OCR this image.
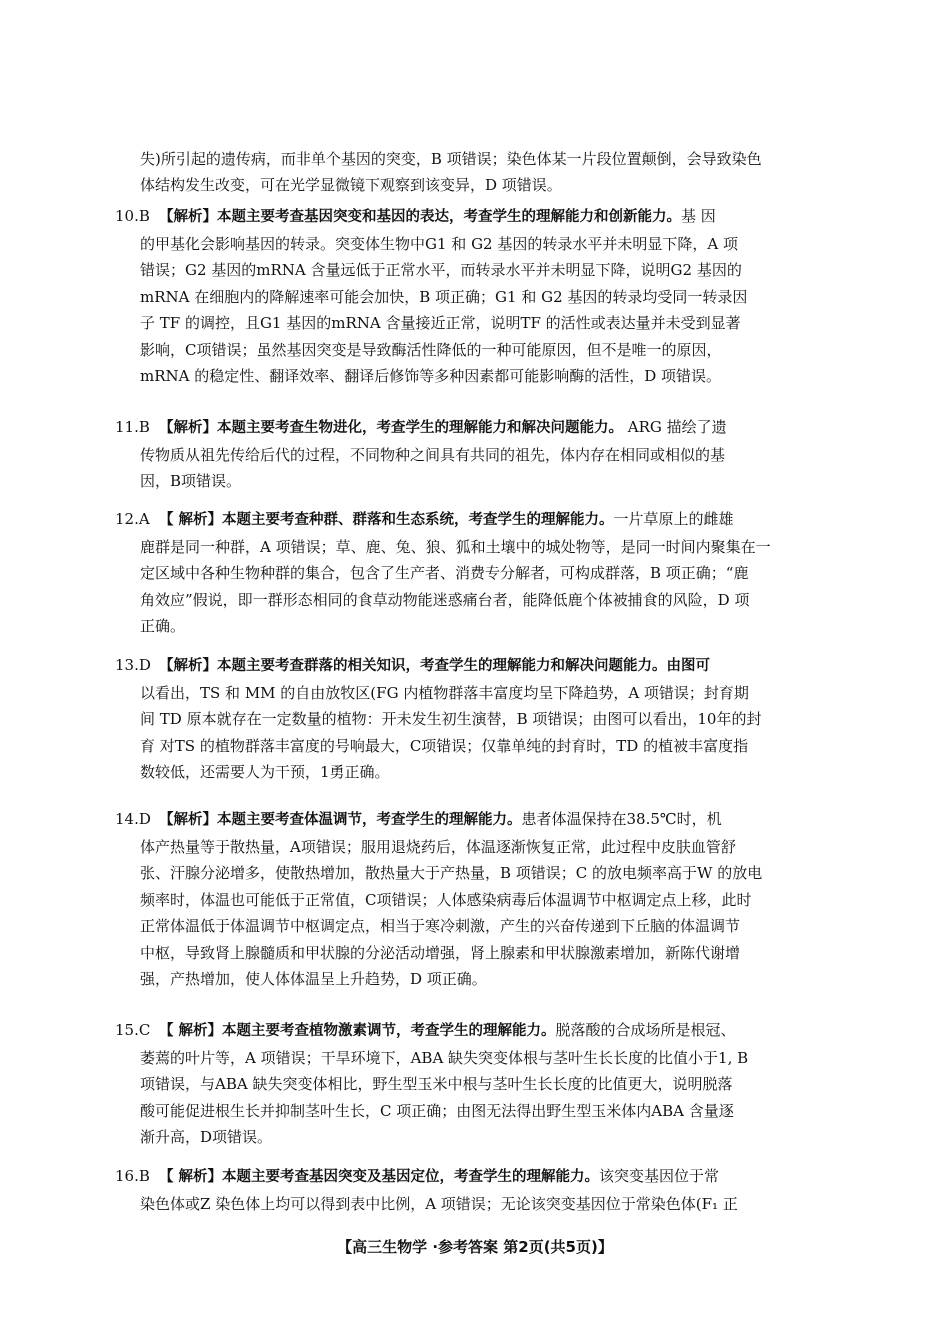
失)所引起的遗传病，而非单个基因的突变，B 项错误；染色体某一片段位置颠倒，会导致染色
体结构发生改变，可在光学显微镜下观察到该变异，D 项错误。
10.B 【解析】本题主要考查基因突变和基因的表达，考查学生的理解能力和创新能力。基 因
的甲基化会影响基因的转录。突变体生物中G1 和 G2 基因的转录水平并未明显下降，A 项
错误；G2 基因的mRNA 含量远低于正常水平，而转录水平并未明显下降，说明G2 基因的
mRNA 在细胞内的降解速率可能会加快，B 项正确；G1 和 G2 基因的转录均受同一转录因
子 TF 的调控，且G1 基因的mRNA 含量接近正常，说明TF 的活性或表达量并未受到显著
影响，C项错误；虽然基因突变是导致酶活性降低的一种可能原因，但不是唯一的原因，
mRNA 的稳定性、翻译效率、翻译后修饰等多种因素都可能影响酶的活性，D 项错误。
11.B 【解析】本题主要考查生物进化，考查学生的理解能力和解决问题能力。 ARG 描绘了遗
传物质从祖先传给后代的过程，不同物种之间具有共同的祖先，体内存在相同或相似的基
因，B项错误。
12.A 【 解析】本题主要考查种群、群落和生态系统，考查学生的理解能力。一片草原上的雌雄
鹿群是同一种群，A 项错误；草、鹿、兔、狼、狐和土壤中的城处物等，是同一时间内聚集在一
定区域中各种生物种群的集合，包含了生产者、消费专分解者，可构成群落，B 项正确；“鹿
角效应”假说，即一群形态相同的食草动物能迷惑痛台者，能降低鹿个体被捕食的风险，D 项
正确。
13.D 【解析】本题主要考查群落的相关知识，考查学生的理解能力和解决问题能力。由图可
以看出，TS 和 MM 的自由放牧区(FG 内植物群落丰富度均呈下降趋势，A 项错误；封育期
间 TD 原本就存在一定数量的植物：开未发生初生演替，B 项错误；由图可以看出，10年的封
育 对TS 的植物群落丰富度的号响最大，C项错误；仅靠单纯的封育时，TD 的植被丰富度指
数较低，还需要人为干预，1勇正确。
14.D 【解析】本题主要考查体温调节，考查学生的理解能力。患者体温保持在38.5℃时，机
体产热量等于散热量，A项错误；服用退烧药后，体温逐渐恢复正常，此过程中皮肤血管舒
张、汗腺分泌增多，使散热增加，散热量大于产热量，B 项错误；C 的放电频率高于W 的放电
频率时，体温也可能低于正常值，C项错误；人体感染病毒后体温调节中枢调定点上移，此时
正常体温低于体温调节中枢调定点，相当于寒冷刺激，产生的兴奋传递到下丘脑的体温调节
中枢，导致肾上腺髓质和甲状腺的分泌活动增强，肾上腺素和甲状腺激素增加，新陈代谢增
强，产热增加，使人体体温呈上升趋势，D 项正确。
15.C 【 解析】本题主要考查植物激素调节，考查学生的理解能力。脱落酸的合成场所是根冠、
萎蔫的叶片等，A 项错误；干旱环境下，ABA 缺失突变体根与茎叶生长长度的比值小于1, B
项错误，与ABA 缺失突变体相比，野生型玉米中根与茎叶生长长度的比值更大，说明脱落
酸可能促进根生长并抑制茎叶生长，C 项正确；由图无法得出野生型玉米体内ABA 含量逐
渐升高，D项错误。
16.B 【 解析】本题主要考查基因突变及基因定位，考查学生的理解能力。该突变基因位于常
染色体或Z 染色体上均可以得到表中比例，A 项错误；无论该突变基因位于常染色体(F₁ 正
【高三生物学 ·参考答案 第2页(共5页)】
